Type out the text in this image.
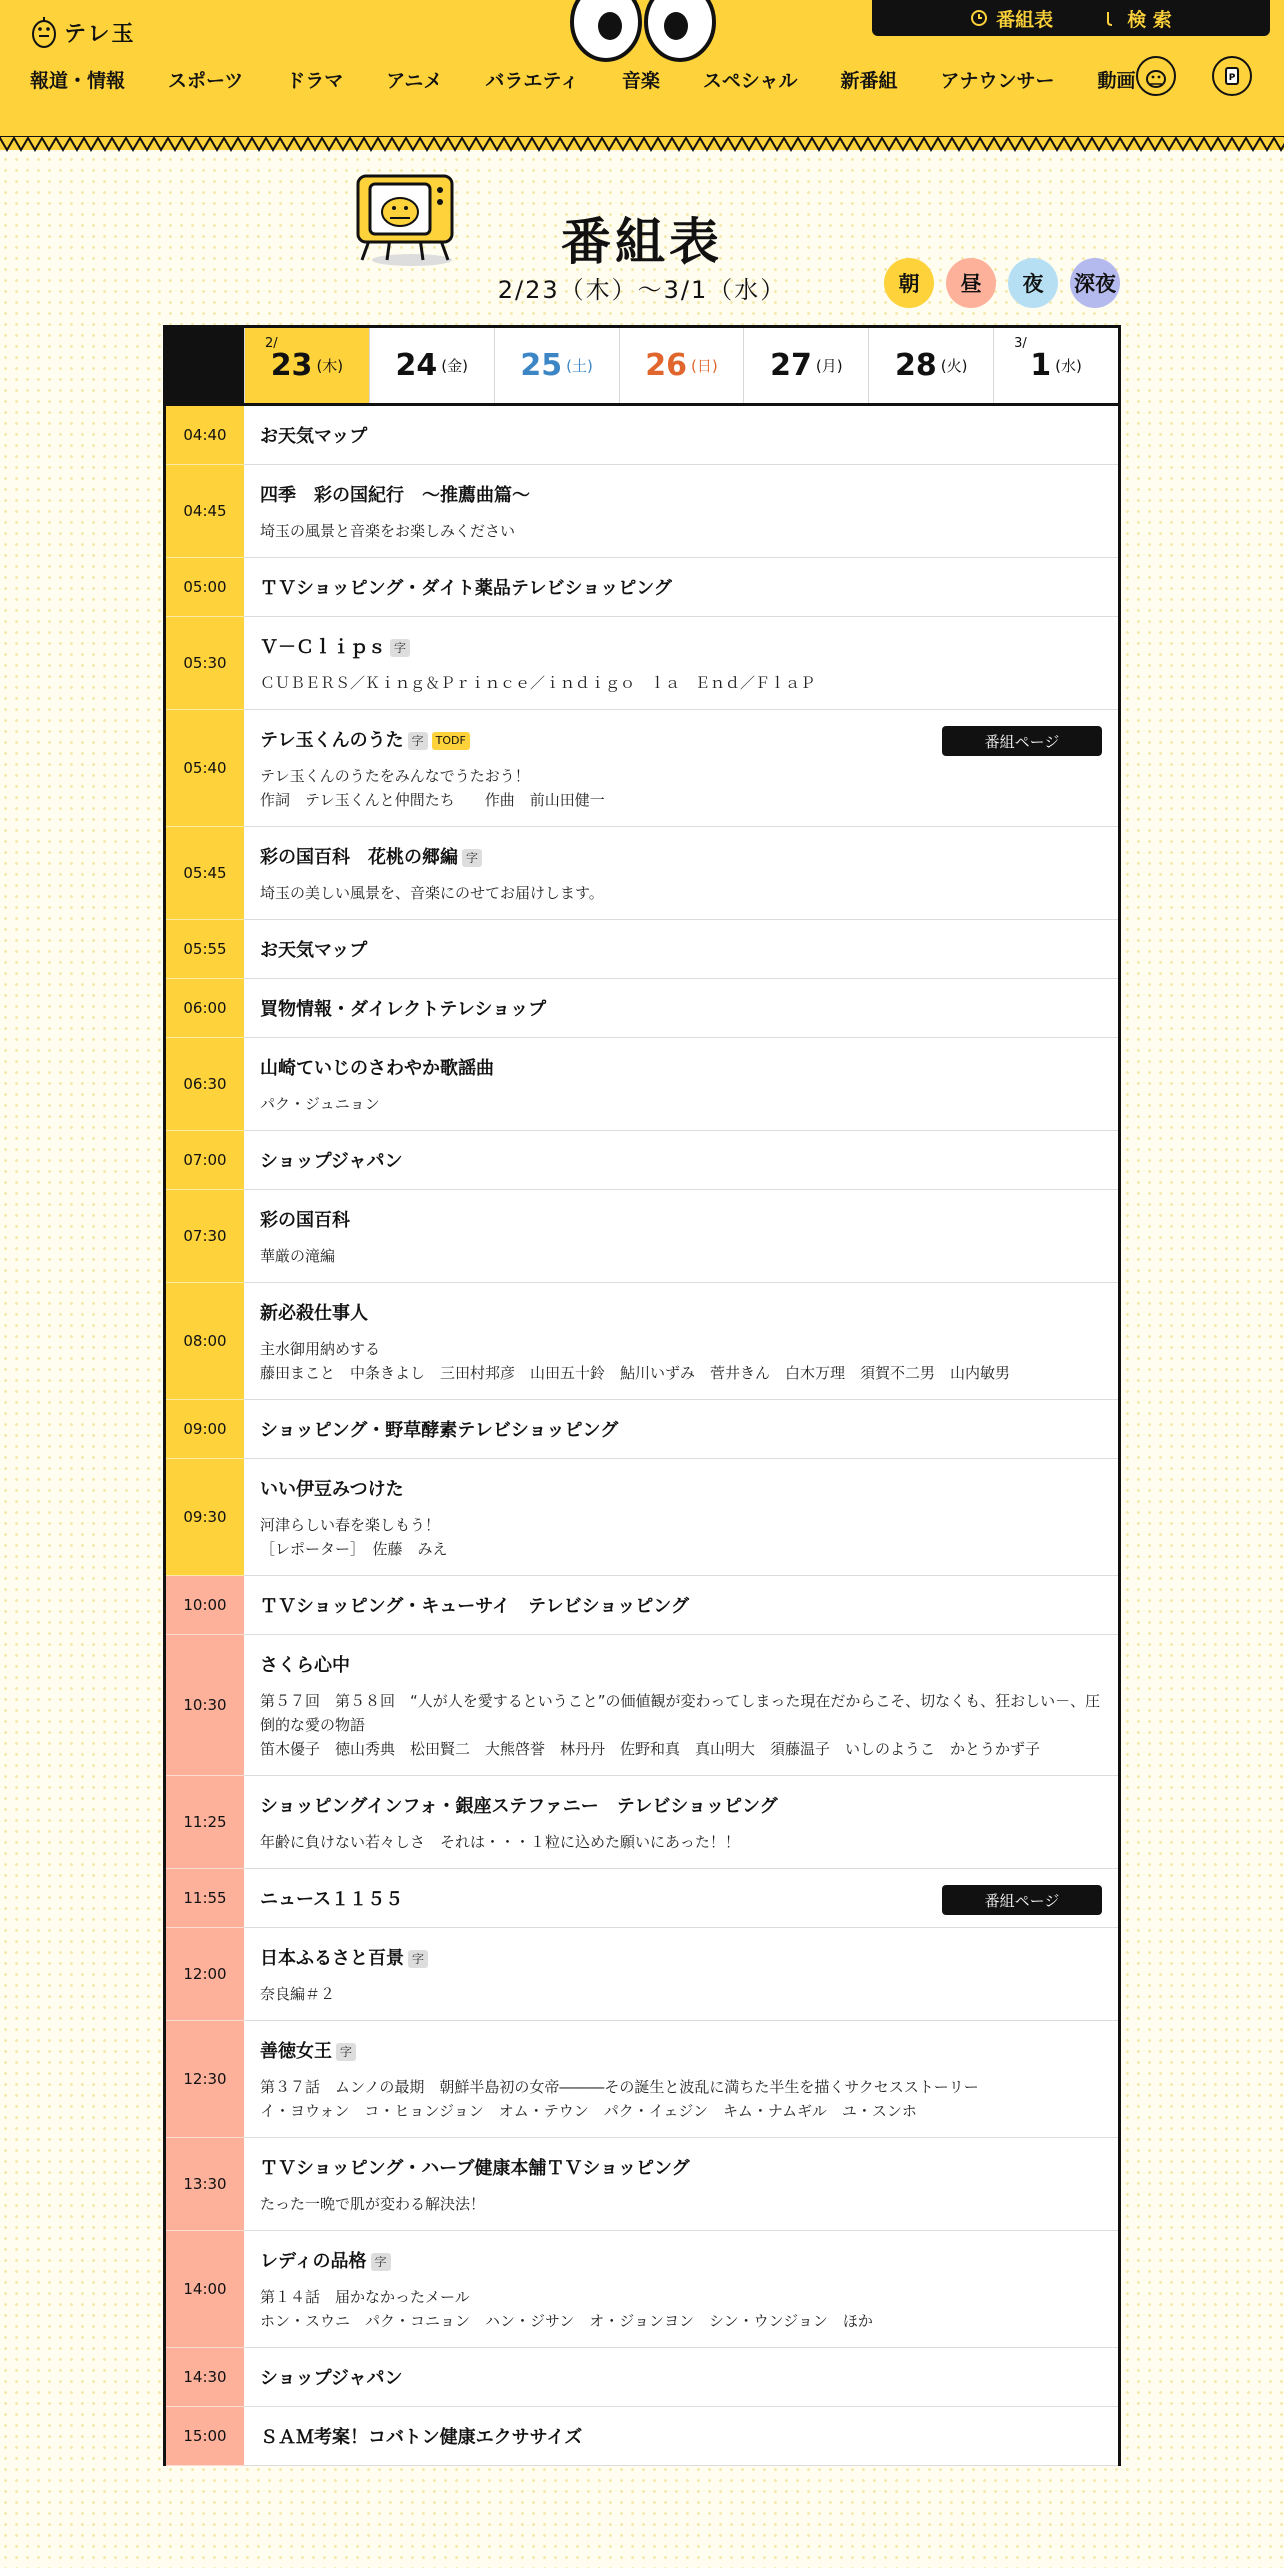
テレ玉
番組表	検 索
報道・情報 スポーツ ドラマ アニメ バラエティ 音楽 スペシャル 新番組 アナウンサー 動画	P
番組表
2/23（木）〜3/1（水）	朝	昼	夜	深夜
2/
23 (木) 24 (金) 25 (土) 26 (日) 27 (月) 28 (火)
3/
1 (水)
04:40	お天気マップ
04:45
四季　彩の国紀行　～推薦曲篇～
埼玉の風景と音楽をお楽しみください
05:00	ＴＶショッピング・ダイト薬品テレビショッピング
05:30
Ｖ－Ｃｌｉｐｓ 字
ＣＵＢＥＲＳ／Ｋｉｎｇ＆Ｐｒｉｎｃｅ／ｉｎｄｉｇｏ　ｌａ　Ｅｎｄ／ＦｌａＰ
05:40
テレ玉くんのうた 字	TODF
テレ玉くんのうたをみんなでうたおう！
作詞　テレ玉くんと仲間たち　　作曲　前山田健一
番組ページ
05:45
彩の国百科　花桃の郷編 字
埼玉の美しい風景を、音楽にのせてお届けします。
05:55	お天気マップ
06:00	買物情報・ダイレクトテレショップ
06:30
山崎ていじのさわやか歌謡曲
パク・ジュニョン
07:00	ショップジャパン
07:30
彩の国百科
華厳の滝編
08:00
新必殺仕事人
主水御用納めする
藤田まこと　中条きよし　三田村邦彦　山田五十鈴　鮎川いずみ　菅井きん　白木万理　須賀不二男　山内敏男
09:00	ショッピング・野草酵素テレビショッピング
09:30
いい伊豆みつけた
河津らしい春を楽しもう！
［レポーター］　佐藤　みえ
10:00	ＴＶショッピング・キューサイ　テレビショッピング
10:30
さくら心中
第５７回　第５８回　“人が人を愛するということ”の価値観が変わってしまった現在だからこそ、切なくも、狂おしい－、圧倒的な愛の物語
笛木優子　徳山秀典　松田賢二　大熊啓誉　林丹丹　佐野和真　真山明大　須藤温子　いしのようこ　かとうかず子
11:25
ショッピングインフォ・銀座ステファニー　テレビショッピング
年齢に負けない若々しさ　それは・・・１粒に込めた願いにあった！！
11:55	ニュース１１５５	番組ページ
12:00
日本ふるさと百景 字
奈良編＃２
12:30
善徳女王 字
第３７話　ムンノの最期　朝鮮半島初の女帝―――その誕生と波乱に満ちた半生を描くサクセスストーリー
イ・ヨウォン　コ・ヒョンジョン　オム・テウン　パク・イェジン　キム・ナムギル　ユ・スンホ
13:30
ＴＶショッピング・ハーブ健康本舗ＴＶショッピング
たった一晩で肌が変わる解決法！
14:00
レディの品格 字
第１４話　届かなかったメール
ホン・スウニ　パク・コニョン　ハン・ジサン　オ・ジョンヨン　シン・ウンジョン　ほか
14:30	ショップジャパン
15:00	ＳＡＭ考案！コバトン健康エクササイズ
